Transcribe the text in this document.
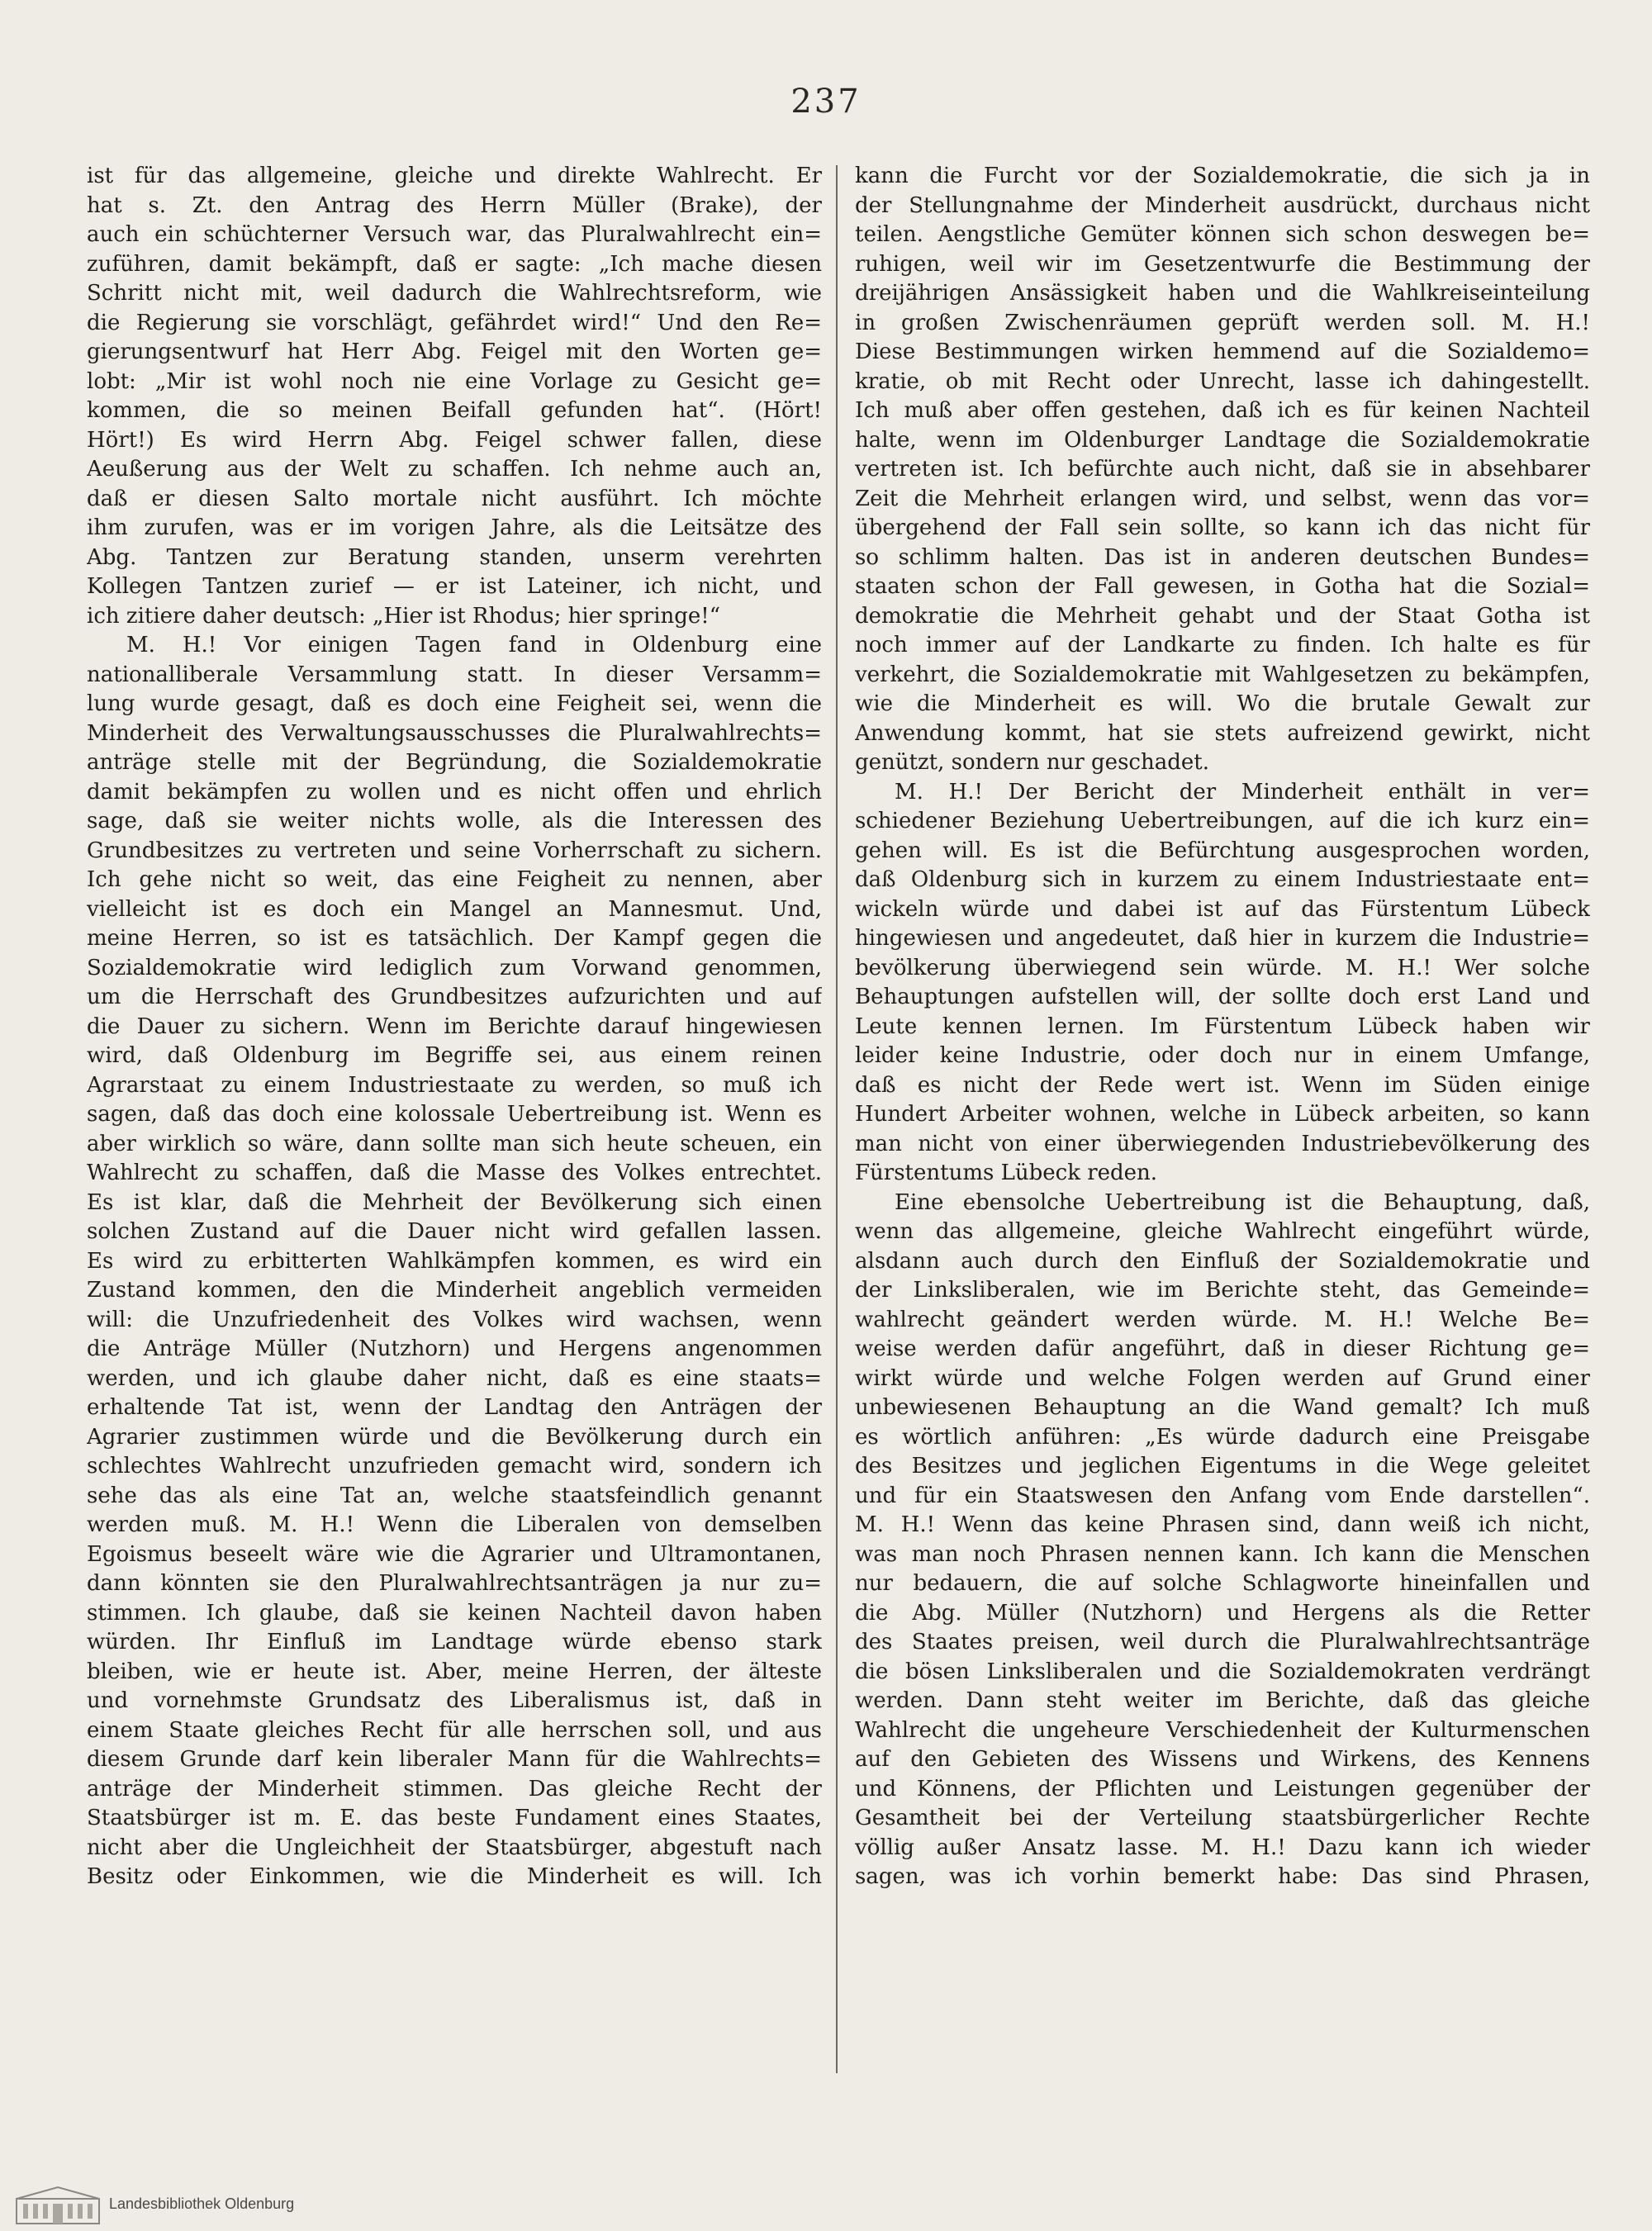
237
ist für das allgemeine, gleiche und direkte Wahlrecht. Er
hat s. Zt. den Antrag des Herrn Müller (Brake), der
auch ein schüchterner Versuch war, das Pluralwahlrecht ein=
zuführen, damit bekämpft, daß er sagte: „Ich mache diesen
Schritt nicht mit, weil dadurch die Wahlrechtsreform, wie
die Regierung sie vorschlägt, gefährdet wird!“ Und den Re=
gierungsentwurf hat Herr Abg. Feigel mit den Worten ge=
lobt: „Mir ist wohl noch nie eine Vorlage zu Gesicht ge=
kommen, die so meinen Beifall gefunden hat“. (Hört!
Hört!) Es wird Herrn Abg. Feigel schwer fallen, diese
Aeußerung aus der Welt zu schaffen. Ich nehme auch an,
daß er diesen Salto mortale nicht ausführt. Ich möchte
ihm zurufen, was er im vorigen Jahre, als die Leitsätze des
Abg. Tantzen zur Beratung standen, unserm verehrten
Kollegen Tantzen zurief — er ist Lateiner, ich nicht, und
ich zitiere daher deutsch: „Hier ist Rhodus; hier springe!“
M. H.! Vor einigen Tagen fand in Oldenburg eine
nationalliberale Versammlung statt. In dieser Versamm=
lung wurde gesagt, daß es doch eine Feigheit sei, wenn die
Minderheit des Verwaltungsausschusses die Pluralwahlrechts=
anträge stelle mit der Begründung, die Sozialdemokratie
damit bekämpfen zu wollen und es nicht offen und ehrlich
sage, daß sie weiter nichts wolle, als die Interessen des
Grundbesitzes zu vertreten und seine Vorherrschaft zu sichern.
Ich gehe nicht so weit, das eine Feigheit zu nennen, aber
vielleicht ist es doch ein Mangel an Mannesmut. Und,
meine Herren, so ist es tatsächlich. Der Kampf gegen die
Sozialdemokratie wird lediglich zum Vorwand genommen,
um die Herrschaft des Grundbesitzes aufzurichten und auf
die Dauer zu sichern. Wenn im Berichte darauf hingewiesen
wird, daß Oldenburg im Begriffe sei, aus einem reinen
Agrarstaat zu einem Industriestaate zu werden, so muß ich
sagen, daß das doch eine kolossale Uebertreibung ist. Wenn es
aber wirklich so wäre, dann sollte man sich heute scheuen, ein
Wahlrecht zu schaffen, daß die Masse des Volkes entrechtet.
Es ist klar, daß die Mehrheit der Bevölkerung sich einen
solchen Zustand auf die Dauer nicht wird gefallen lassen.
Es wird zu erbitterten Wahlkämpfen kommen, es wird ein
Zustand kommen, den die Minderheit angeblich vermeiden
will: die Unzufriedenheit des Volkes wird wachsen, wenn
die Anträge Müller (Nutzhorn) und Hergens angenommen
werden, und ich glaube daher nicht, daß es eine staats=
erhaltende Tat ist, wenn der Landtag den Anträgen der
Agrarier zustimmen würde und die Bevölkerung durch ein
schlechtes Wahlrecht unzufrieden gemacht wird, sondern ich
sehe das als eine Tat an, welche staatsfeindlich genannt
werden muß. M. H.! Wenn die Liberalen von demselben
Egoismus beseelt wäre wie die Agrarier und Ultramontanen,
dann könnten sie den Pluralwahlrechtsanträgen ja nur zu=
stimmen. Ich glaube, daß sie keinen Nachteil davon haben
würden. Ihr Einfluß im Landtage würde ebenso stark
bleiben, wie er heute ist. Aber, meine Herren, der älteste
und vornehmste Grundsatz des Liberalismus ist, daß in
einem Staate gleiches Recht für alle herrschen soll, und aus
diesem Grunde darf kein liberaler Mann für die Wahlrechts=
anträge der Minderheit stimmen. Das gleiche Recht der
Staatsbürger ist m. E. das beste Fundament eines Staates,
nicht aber die Ungleichheit der Staatsbürger, abgestuft nach
Besitz oder Einkommen, wie die Minderheit es will. Ich
kann die Furcht vor der Sozialdemokratie, die sich ja in
der Stellungnahme der Minderheit ausdrückt, durchaus nicht
teilen. Aengstliche Gemüter können sich schon deswegen be=
ruhigen, weil wir im Gesetzentwurfe die Bestimmung der
dreijährigen Ansässigkeit haben und die Wahlkreiseinteilung
in großen Zwischenräumen geprüft werden soll. M. H.!
Diese Bestimmungen wirken hemmend auf die Sozialdemo=
kratie, ob mit Recht oder Unrecht, lasse ich dahingestellt.
Ich muß aber offen gestehen, daß ich es für keinen Nachteil
halte, wenn im Oldenburger Landtage die Sozialdemokratie
vertreten ist. Ich befürchte auch nicht, daß sie in absehbarer
Zeit die Mehrheit erlangen wird, und selbst, wenn das vor=
übergehend der Fall sein sollte, so kann ich das nicht für
so schlimm halten. Das ist in anderen deutschen Bundes=
staaten schon der Fall gewesen, in Gotha hat die Sozial=
demokratie die Mehrheit gehabt und der Staat Gotha ist
noch immer auf der Landkarte zu finden. Ich halte es für
verkehrt, die Sozialdemokratie mit Wahlgesetzen zu bekämpfen,
wie die Minderheit es will. Wo die brutale Gewalt zur
Anwendung kommt, hat sie stets aufreizend gewirkt, nicht
genützt, sondern nur geschadet.
M. H.! Der Bericht der Minderheit enthält in ver=
schiedener Beziehung Uebertreibungen, auf die ich kurz ein=
gehen will. Es ist die Befürchtung ausgesprochen worden,
daß Oldenburg sich in kurzem zu einem Industriestaate ent=
wickeln würde und dabei ist auf das Fürstentum Lübeck
hingewiesen und angedeutet, daß hier in kurzem die Industrie=
bevölkerung überwiegend sein würde. M. H.! Wer solche
Behauptungen aufstellen will, der sollte doch erst Land und
Leute kennen lernen. Im Fürstentum Lübeck haben wir
leider keine Industrie, oder doch nur in einem Umfange,
daß es nicht der Rede wert ist. Wenn im Süden einige
Hundert Arbeiter wohnen, welche in Lübeck arbeiten, so kann
man nicht von einer überwiegenden Industriebevölkerung des
Fürstentums Lübeck reden.
Eine ebensolche Uebertreibung ist die Behauptung, daß,
wenn das allgemeine, gleiche Wahlrecht eingeführt würde,
alsdann auch durch den Einfluß der Sozialdemokratie und
der Linksliberalen, wie im Berichte steht, das Gemeinde=
wahlrecht geändert werden würde. M. H.! Welche Be=
weise werden dafür angeführt, daß in dieser Richtung ge=
wirkt würde und welche Folgen werden auf Grund einer
unbewiesenen Behauptung an die Wand gemalt? Ich muß
es wörtlich anführen: „Es würde dadurch eine Preisgabe
des Besitzes und jeglichen Eigentums in die Wege geleitet
und für ein Staatswesen den Anfang vom Ende darstellen“.
M. H.! Wenn das keine Phrasen sind, dann weiß ich nicht,
was man noch Phrasen nennen kann. Ich kann die Menschen
nur bedauern, die auf solche Schlagworte hineinfallen und
die Abg. Müller (Nutzhorn) und Hergens als die Retter
des Staates preisen, weil durch die Pluralwahlrechtsanträge
die bösen Linksliberalen und die Sozialdemokraten verdrängt
werden. Dann steht weiter im Berichte, daß das gleiche
Wahlrecht die ungeheure Verschiedenheit der Kulturmenschen
auf den Gebieten des Wissens und Wirkens, des Kennens
und Könnens, der Pflichten und Leistungen gegenüber der
Gesamtheit bei der Verteilung staatsbürgerlicher Rechte
völlig außer Ansatz lasse. M. H.! Dazu kann ich wieder
sagen, was ich vorhin bemerkt habe: Das sind Phrasen,
Landesbibliothek Oldenburg
